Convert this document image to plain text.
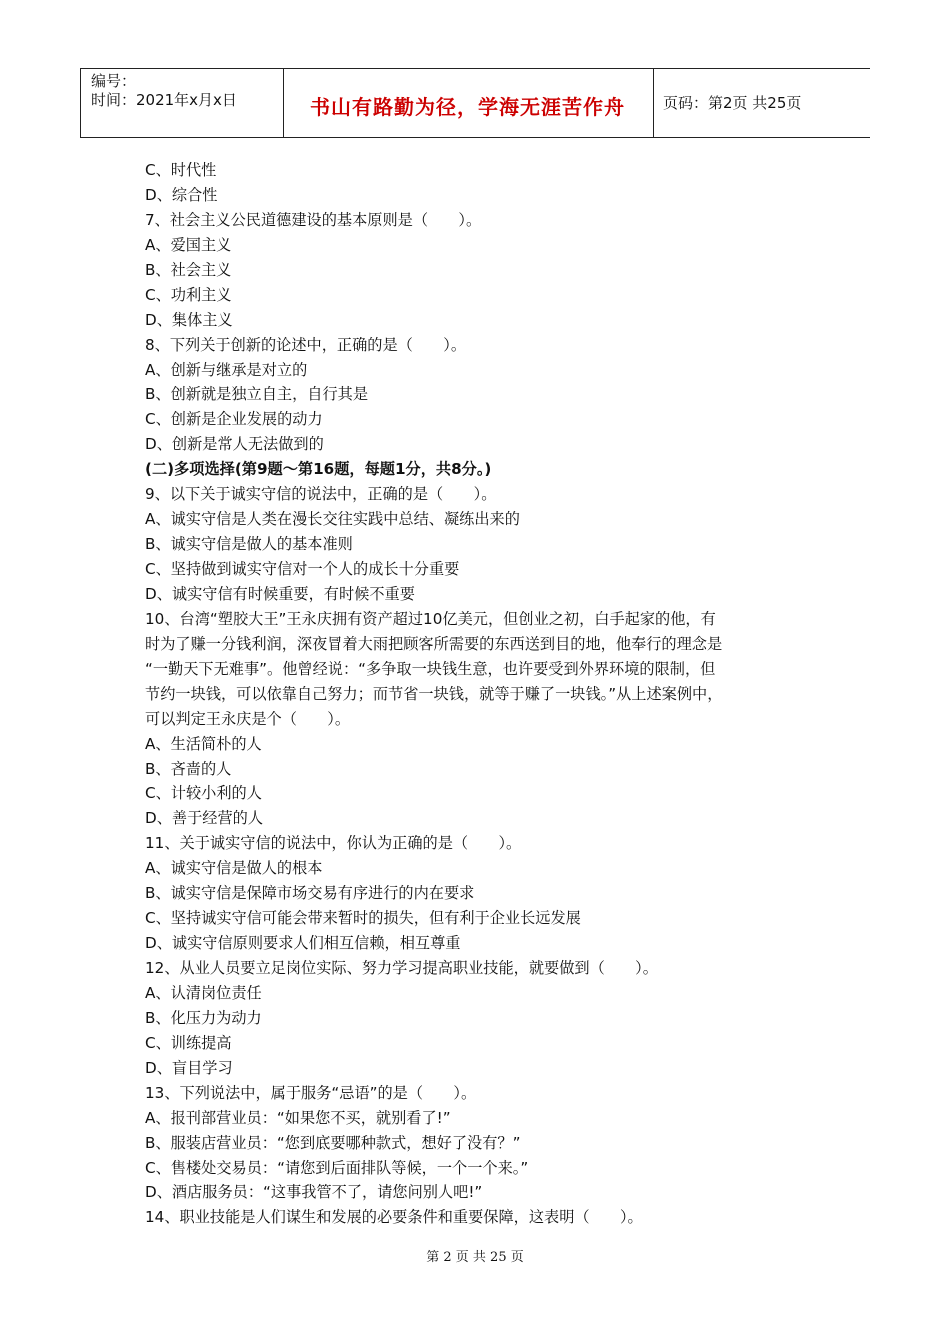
编号：
时间：2021年x月x日	书山有路勤为径，学海无涯苦作舟	页码：第2页 共25页
C、时代性
D、综合性
7、社会主义公民道德建设的基本原则是（　　）。
A、爱国主义
B、社会主义
C、功利主义
D、集体主义
8、下列关于创新的论述中，正确的是（　　）。
A、创新与继承是对立的
B、创新就是独立自主，自行其是
C、创新是企业发展的动力
D、创新是常人无法做到的
(二)多项选择(第9题～第16题，每题1分，共8分。)
9、以下关于诚实守信的说法中，正确的是（　　）。
A、诚实守信是人类在漫长交往实践中总结、凝练出来的
B、诚实守信是做人的基本准则
C、坚持做到诚实守信对一个人的成长十分重要
D、诚实守信有时候重要，有时候不重要
10、台湾“塑胶大王”王永庆拥有资产超过10亿美元，但创业之初，白手起家的他，有
时为了赚一分钱利润，深夜冒着大雨把顾客所需要的东西送到目的地，他奉行的理念是
“一勤天下无难事”。他曾经说：“多争取一块钱生意，也许要受到外界环境的限制，但
节约一块钱，可以依靠自己努力；而节省一块钱，就等于赚了一块钱。”从上述案例中，
可以判定王永庆是个（　　）。
A、生活简朴的人
B、吝啬的人
C、计较小利的人
D、善于经营的人
11、关于诚实守信的说法中，你认为正确的是（　　）。
A、诚实守信是做人的根本
B、诚实守信是保障市场交易有序进行的内在要求
C、坚持诚实守信可能会带来暂时的损失，但有利于企业长远发展
D、诚实守信原则要求人们相互信赖，相互尊重
12、从业人员要立足岗位实际、努力学习提高职业技能，就要做到（　　）。
A、认清岗位责任
B、化压力为动力
C、训练提高
D、盲目学习
13、下列说法中，属于服务“忌语”的是（　　）。
A、报刊部营业员：“如果您不买，就别看了!”
B、服装店营业员：“您到底要哪种款式，想好了没有？”
C、售楼处交易员：“请您到后面排队等候，一个一个来。”
D、酒店服务员：“这事我管不了，请您问别人吧!”
14、职业技能是人们谋生和发展的必要条件和重要保障，这表明（　　）。
第 2 页 共 25 页
